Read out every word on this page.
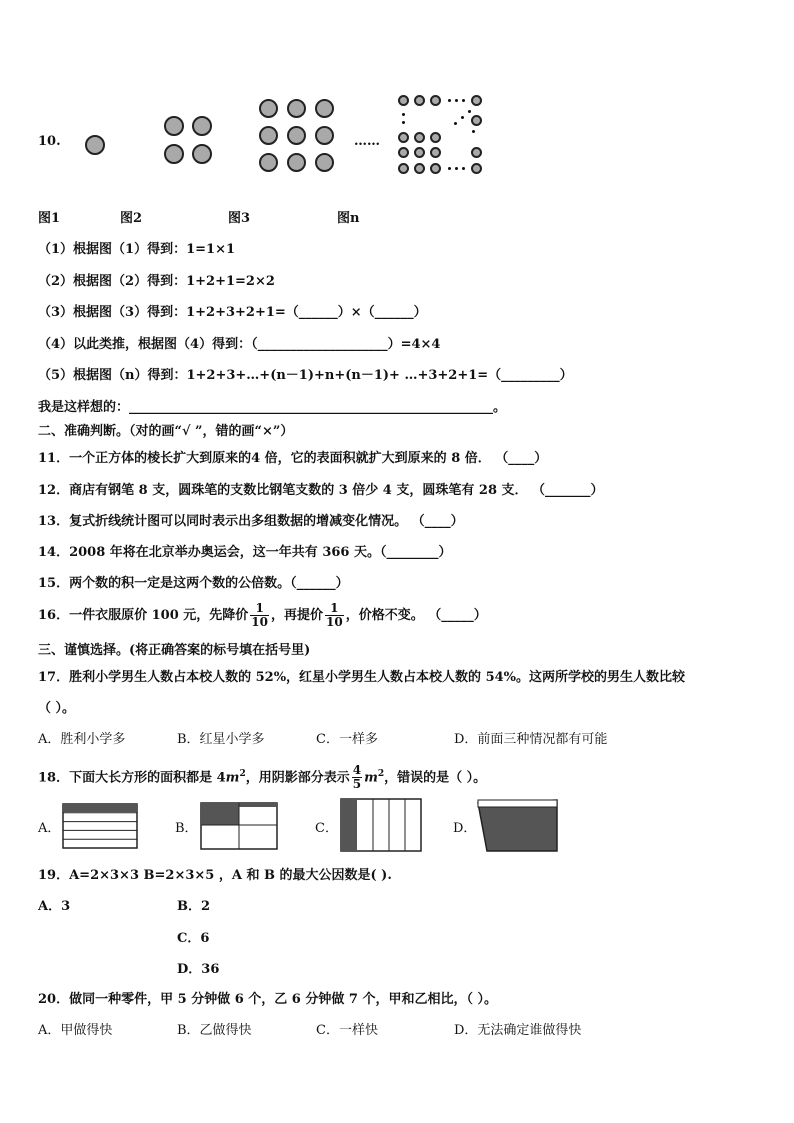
10.	……
图1	图2	图3	图n
（1）根据图（1）得到：1=1×1
（2）根据图（2）得到：1+2+1=2×2
（3）根据图（3）得到：1+2+3+2+1=（______）×（______）
（4）以此类推，根据图（4）得到：（____________________）=4×4
（5）根据图（n）得到：1+2+3+…+(n－1)+n+(n－1)+ …+3+2+1=（_________）
我是这样想的：________________________________________________________。
二、准确判断。（对的画“√ ”，错的画“×”）
11．一个正方体的棱长扩大到原来的4 倍，它的表面积就扩大到原来的 8 倍． （____）
12．商店有钢笔 8 支，圆珠笔的支数比钢笔支数的 3 倍少 4 支，圆珠笔有 28 支． （_______）
13．复式折线统计图可以同时表示出多组数据的增减变化情况。 （____）
14．2008 年将在北京举办奥运会，这一年共有 366 天。（________）
15．两个数的积一定是这两个数的公倍数。（______）
16．一件衣服原价 100 元，先降价 $\frac{1}{10}$ ，再提价 $\frac{1}{10}$ ，价格不变。 （_____）
三、谨慎选择。(将正确答案的标号填在括号里)
17．胜利小学男生人数占本校人数的 52%，红星小学男生人数占本校人数的 54%。这两所学校的男生人数比较
（ ）。
A．胜利小学多	B．红星小学多	C．一样多	D．前面三种情况都有可能
18．下面大长方形的面积都是 $4m^2$，用阴影部分表示 $\frac{4}{5} m^2$，错误的是（ ）。
A．	B．	C．	D．
19．A=2×3×3 B=2×3×5 ，A 和 B 的最大公因数是( ).
A．3	B．2
C．6
D．36
20．做同一种零件，甲 5 分钟做 6 个，乙 6 分钟做 7 个，甲和乙相比，（ ）。
A．甲做得快	B．乙做得快	C．一样快	D．无法确定谁做得快
